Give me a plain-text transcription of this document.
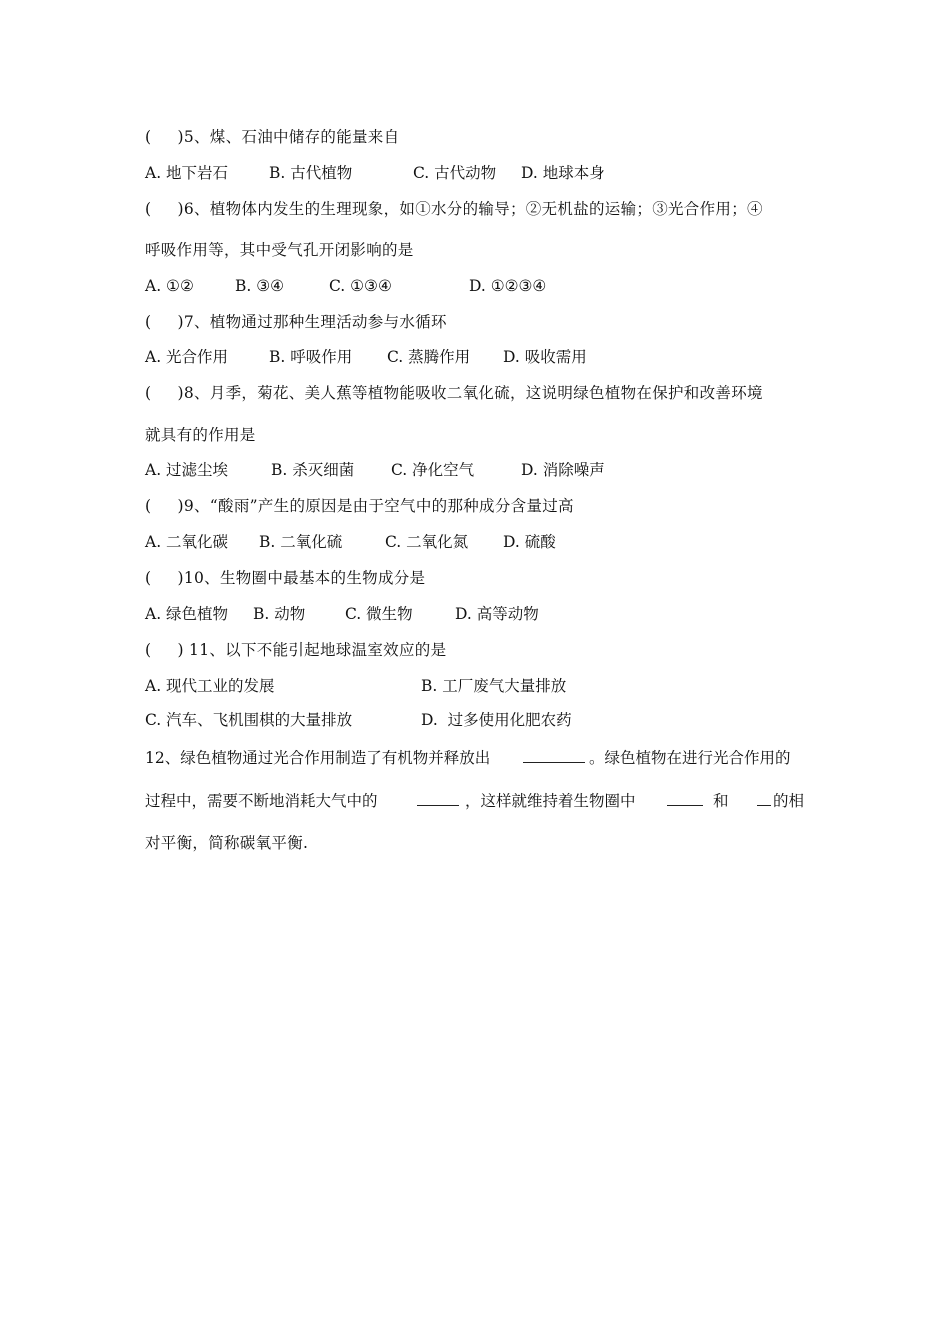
(     )5、煤、石油中储存的能量来自

A. 地下岩石

	B. 古代植物

	C. 古代动物

D. 地球本身

(     )6、植物体内发生的生理现象，如①水分的输导；②无机盐的运输；③光合作用；④
呼吸作用等，其中受气孔开闭影响的是

A. ①②

	B. ③④

	C. ①③④

	D. ①②③④

(     )7、植物通过那种生理活动参与水循环

A. 光合作用

	B. 呼吸作用

C. 蒸腾作用

D. 吸收需用

(     )8、月季，菊花、美人蕉等植物能吸收二氧化硫，这说明绿色植物在保护和改善环境
就具有的作用是

A. 过滤尘埃

	B. 杀灭细菌

C. 净化空气

	D. 消除噪声

(     )9、“酸雨”产生的原因是由于空气中的那种成分含量过高

A. 二氧化碳

B. 二氧化硫

	C. 二氧化氮

D. 硫酸

(     )10、生物圈中最基本的生物成分是

A. 绿色植物

B. 动物

	C. 微生物

	D. 高等动物

(     ) 11、以下不能引起地球温室效应的是

A. 现代工业的发展

	B. 工厂废气大量排放

C. 汽车、飞机围棋的大量排放

	D.  过多使用化肥农药

12、绿色植物通过光合作用制造了有机物并释放出

	。绿色植物在进行光合作用的

过程中，需要不断地消耗大气中的

	，这样就维持着生物圈中

	和

	的相

对平衡，简称碳氧平衡.
